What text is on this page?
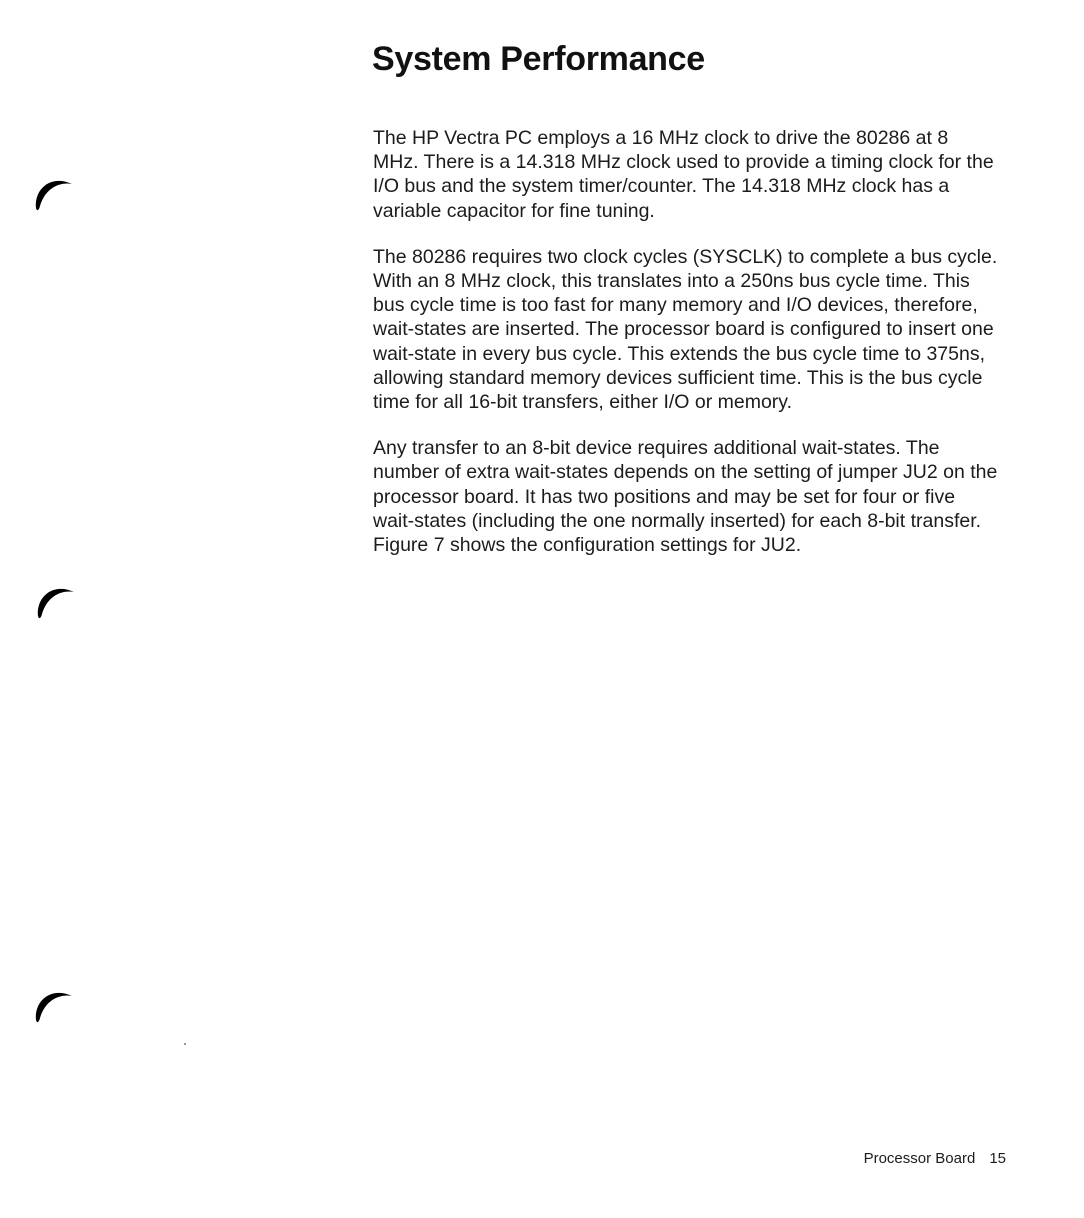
System Performance

The HP Vectra PC employs a 16 MHz clock to drive the 80286 at 8 MHz. There is a 14.318 MHz clock used to provide a timing clock for the I/O bus and the system timer/counter. The 14.318 MHz clock has a variable capacitor for fine tuning.

The 80286 requires two clock cycles (SYSCLK) to complete a bus cycle. With an 8 MHz clock, this translates into a 250ns bus cycle time. This bus cycle time is too fast for many memory and I/O devices, therefore, wait-states are inserted. The processor board is configured to insert one wait-state in every bus cycle. This extends the bus cycle time to 375ns, allowing standard memory devices sufficient time. This is the bus cycle time for all 16-bit transfers, either I/O or memory.

Any transfer to an 8-bit device requires additional wait-states. The number of extra wait-states depends on the setting of jumper JU2 on the processor board. It has two positions and may be set for four or five wait-states (including the one normally inserted) for each 8-bit transfer. Figure 7 shows the configuration settings for JU2.

Processor Board 15
